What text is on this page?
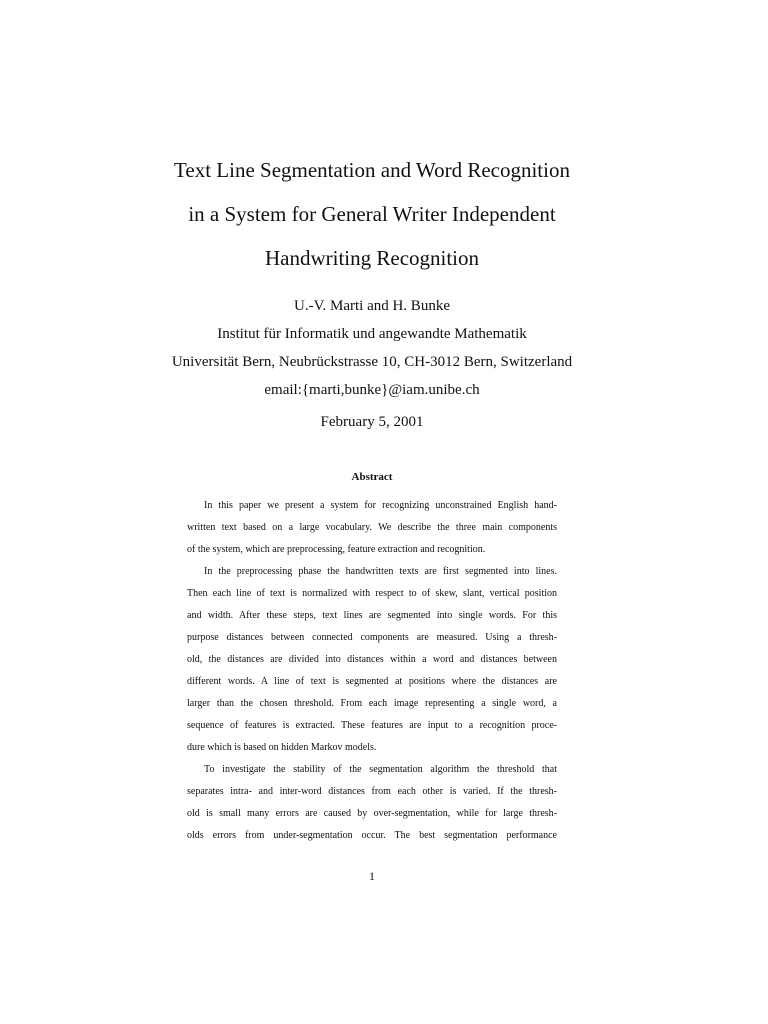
Text Line Segmentation and Word Recognition
in a System for General Writer Independent
Handwriting Recognition
U.-V. Marti and H. Bunke
Institut für Informatik und angewandte Mathematik
Universität Bern, Neubrückstrasse 10, CH-3012 Bern, Switzerland
email:{marti,bunke}@iam.unibe.ch
February 5, 2001
Abstract
In this paper we present a system for recognizing unconstrained English hand-
written text based on a large vocabulary. We describe the three main components
of the system, which are preprocessing, feature extraction and recognition.
In the preprocessing phase the handwritten texts are first segmented into lines.
Then each line of text is normalized with respect to of skew, slant, vertical position
and width. After these steps, text lines are segmented into single words. For this
purpose distances between connected components are measured. Using a thresh-
old, the distances are divided into distances within a word and distances between
different words. A line of text is segmented at positions where the distances are
larger than the chosen threshold. From each image representing a single word, a
sequence of features is extracted. These features are input to a recognition proce-
dure which is based on hidden Markov models.
To investigate the stability of the segmentation algorithm the threshold that
separates intra- and inter-word distances from each other is varied. If the thresh-
old is small many errors are caused by over-segmentation, while for large thresh-
olds errors from under-segmentation occur. The best segmentation performance
1
